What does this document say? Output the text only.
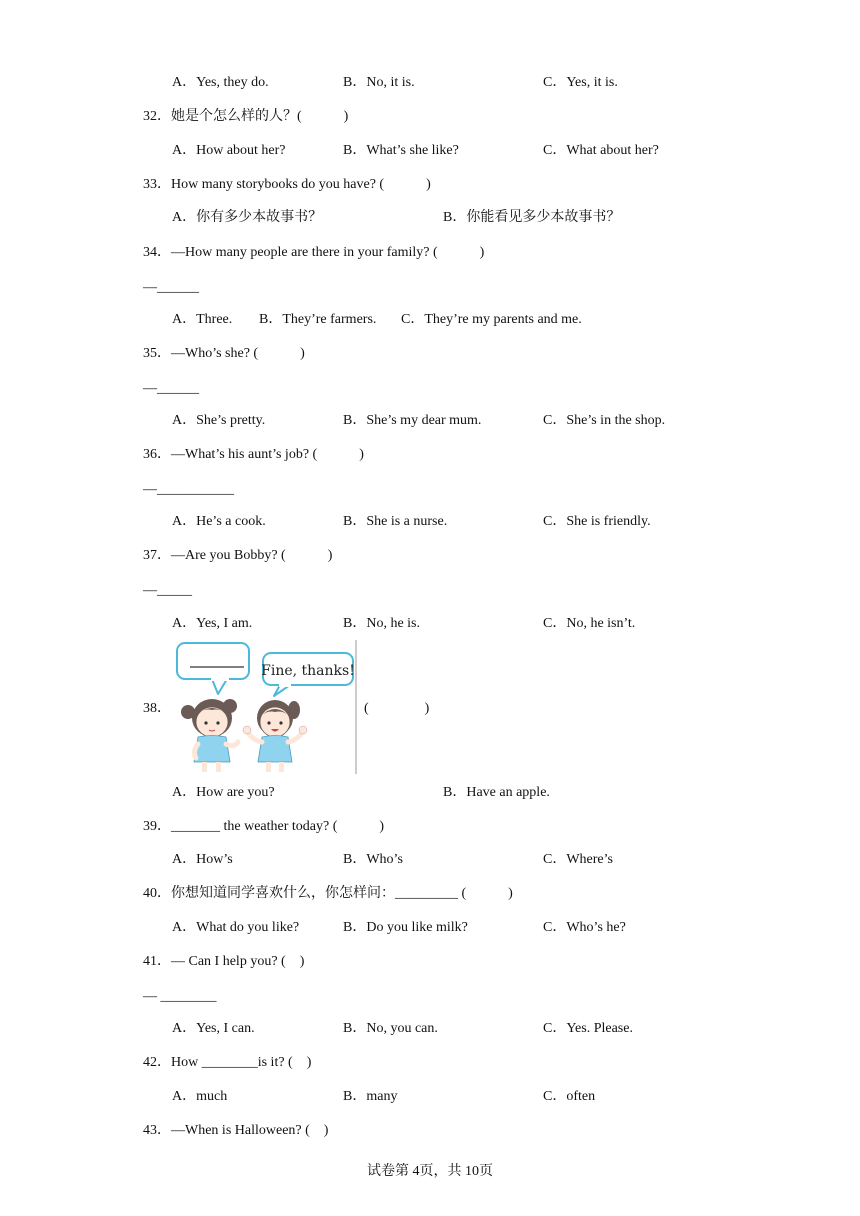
A．Yes, they do.	B．No, it is.	C．Yes, it is.
32．她是个怎么样的人？(　　　)
A．How about her?	B．What’s she like?	C．What about her?
33．How many storybooks do you have? (　　　)
A．你有多少本故事书？	B．你能看见多少本故事书？
34．—How many people are there in your family? (　　　)
—______
A．Three. B．They’re farmers. C．They’re my parents and me.
35．—Who’s she? (　　　)
—______
A．She’s pretty.	B．She’s my dear mum.	C．She’s in the shop.
36．—What’s his aunt’s job? (　　　)
—___________
A．He’s a cook.	B．She is a nurse.	C．She is friendly.
37．—Are you Bobby? (　　　)
—_____
A．Yes, I am.	B．No, he is.	C．No, he isn’t.
38．
Fine, thanks!
(　　　　)
A．How are you?	B．Have an apple.
39．_______ the weather today? (　　　)
A．How’s	B．Who’s	C．Where’s
40．你想知道同学喜欢什么，你怎样问：_________ (　　　)
A．What do you like?	B．Do you like milk?	C．Who’s he?
41．— Can I help you? (　)
— ________
A．Yes, I can.	B．No, you can.	C．Yes. Please.
42．How ________is it? (　)
A．much	B．many	C．often
43．—When is Halloween? (　)
试卷第 4页，共 10页
